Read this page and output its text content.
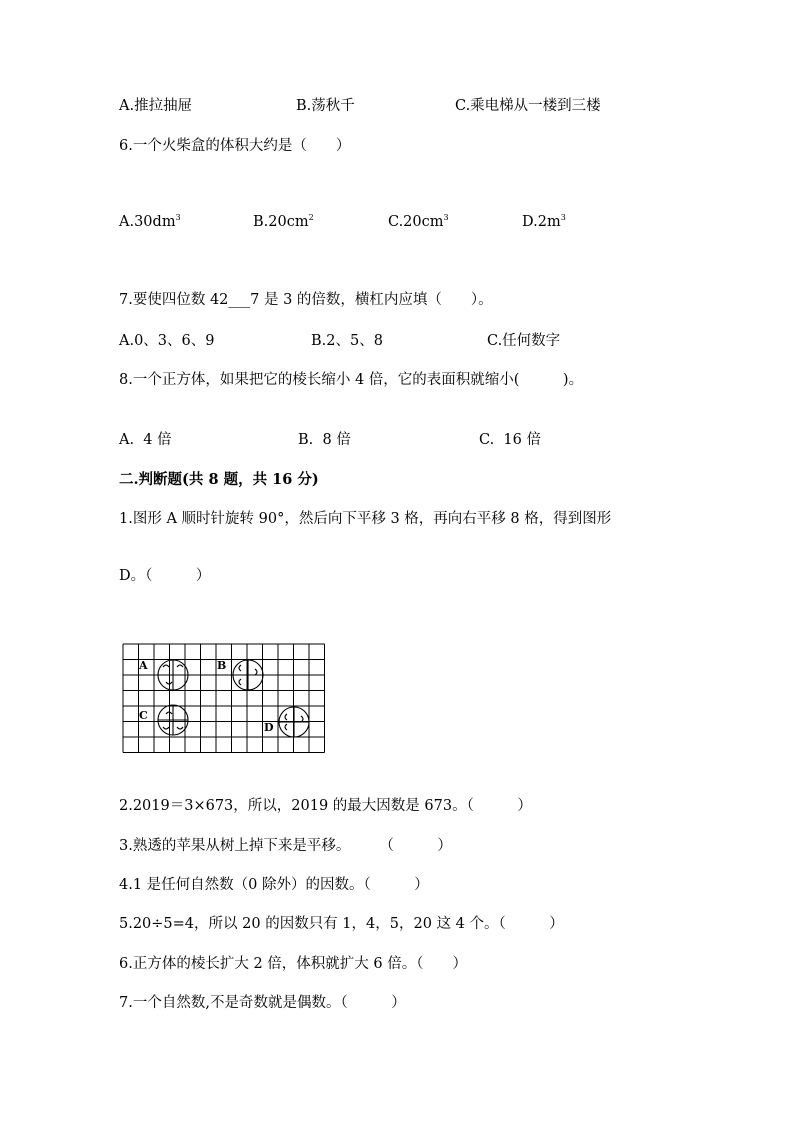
A.推拉抽屉	B.荡秋千	C.乘电梯从一楼到三楼
6.一个火柴盒的体积大约是（　　）
$A.30dm^3$	$B.20cm^2$	$C.20cm^3$	$D.2m^3$
7.要使四位数 42___7 是 3 的倍数，横杠内应填（　　）。
A.0、3、6、9	B.2、5、8	C.任何数字
8.一个正方体，如果把它的棱长缩小 4 倍，它的表面积就缩小(　　　)。
A.  4 倍	B.  8 倍	C.  16 倍
二.判断题(共 8 题，共 16 分)
1.图形 A 顺时针旋转 90°，然后向下平移 3 格，再向右平移 8 格，得到图形
D。（　　　）
A	B
C
D
2.2019＝3×673，所以，2019 的最大因数是 673。（　　　）
3.熟透的苹果从树上掉下来是平移。　　　（　　　）
4.1 是任何自然数（0 除外）的因数。（　　　）
5.20÷5=4，所以 20 的因数只有 1，4，5，20 这 4 个。（　　　）
6.正方体的棱长扩大 2 倍，体积就扩大 6 倍。（　　）
7.一个自然数,不是奇数就是偶数。（　　　）
